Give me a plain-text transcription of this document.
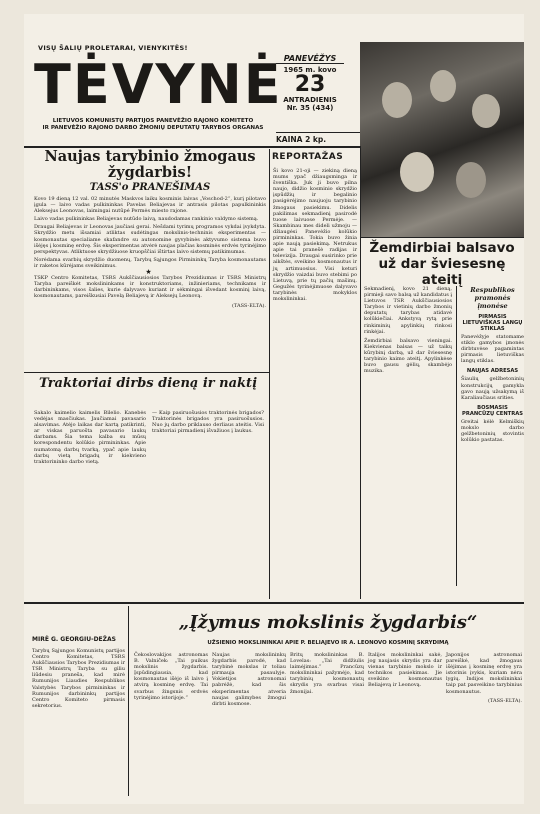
VISŲ ŠALIŲ PROLETARAI, VIENYKITĖS!
TĖVYNĖ
LIETUVOS KOMUNISTŲ PARTIJOS PANEVĖŽIO RAJONO KOMITETO
IR PANEVĖŽIO RAJONO DARBO ŽMONIŲ DEPUTATŲ TARYBOS ORGANAS
PANEVĖŽYS
1965 m. kovo
23
ANTRADIENIS
Nr. 35 (434)
KAINA 2 kp.
Naujas tarybinio žmogaus žygdarbis!
TASS'o PRANEŠIMAS

Kovo 19 dieną 12 val. 02 minutės Maskvos laiku kosminis laivas „Voschod-2“, kurį pilotavo įgula — laivo vadas pulkininkas Pavelas Beliajevas ir antrasis pilotas papulkininkis Aleksejus Leonovas, laimingai nutūpė Permės miesto rajone.

Laivo vadas pulkininkas Beliajevas nutūdo laivą, naudodamas rankinio valdymo sistemą.

Draugai Beliajevas ir Leonovas jaučiasi gerai. Nešdami tyrimų programos vykdai įvykdyta. Skrydžio metu išsamiai atliktas sudėtingas mokslinis-techninis eksperimentas — kosmonautas specialiame skafandre su autonomine gyvybinės aktyvumo sistema buvo išėjęs į kosminę erdvę. Šis eksperimentas atvėrė naujas plačias kosminės erdvės tyrinėjimo perspektyvas. Atliktuose skrydžiuose kruopščiai ištirtas laivo sistemų patikimumas.

Norėdama svarbių skrydžio duomenų, Tarybų Sąjungos Pirmininkų Taryba kosmonautams ir raketos kūrėjams sveikinimus.

★

TSKP Centro Komitetas, TSRS Aukščiausiosios Tarybos Prezidiumas ir TSRS Ministrų Taryba pareiškėt mokslininkams ir konstruktoriams, inžinieriams, technikams ir darbininkams, visos šalies, kurie dalyvavo kuriant ir sėkmingai išvedant kosminį laivą, kosmonautams, pareiškusiai Pavelą Beliajevą ir Aleksejų Leonovą.

(TASS-ELTA).
Traktoriai dirbs dieną ir naktį

Sakalo kaimelio kaimelis Bilelio. Kanebės vedėjas masčiukas. Jaučiamai pavasario alsavimas. Atėjo laikas dar kartą patikrinti, ar viskas paruošta pavasario laukų darbams. Šia tema kalba su mūsų korespondentu kolūkio pirmininkas. Apie numatomą darbų tvarką, ypač apie laukų darbų vietą brigadų ir kiekvieno traktorininko darbo vietą.

— Kaip pasiruošusios traktorinės brigados? Traktorinės brigados yra pasiruošusios. Nuo jų darbo priklauso derliaus ateitis. Visi traktoriai pirmadienį išvažiuos į laukus.

REPORTAŽAS

Ši kovo 21-oji — ziekiną dieną mums ypač džiaugsminga ir šventiška. Juk ji buvo pilna naujo, didžio kosminio skrydžio įspūdžių ir begalinio pasigėrėjimo naujuoju tarybinio žmogaus pasiekimu. Didelis pakilimas sekmadienį pasirodė tuose laivuose Permėje. — Skambinau mes dideli užmoju — džiaugėsi Panevėžio kolūkio pirmininkas. Tokia buvo žinia apie naują pasiekimą. Netrukus apie tai pranešė radijas ir televizija. Draugai susirinko prie aikštės, sveikino kosmonautus ir jų artimuosius. Visi keturi skrydžio vaizdai buvo stebimi po Lietuvą, prie tų pačių mašinų. Gegužės tyrinėjimuose dalyvavo tarybinės mokyklos mokslininkai.

Žemdirbiai balsavo už dar šviesesnę ateitį

Sekmadienį, kovo 21 dieną, pirmieji savo balsą už kandidatus į Lietuvos TSR Aukščiausiosios Tarybos ir vietinių darbo žmonių deputatų tarybas atidavė kolūkiečiai. Ankstyvą rytą prie rinkiminių apylinkių rinkosi rinkėjai.

Žemdirbiai balsavo vieningai. Kiekvienas balsas — už taikų kūrybinį darbą, už dar šviesesnę tarybinio kaimo ateitį. Apylinkėse buvo gausu gėlių, skambėjo muzika.

Respublikos pramonės įmonėse
PIRMASIS LIETUVIŠKAS LANGŲ STIKLAS
Panevėžyje statomame stiklo gamybos įmonės dirbtuvėse pagamintas pirmasis lietuviškas langų stiklas.
NAUJAS ADRESAS
Šiaulių gelžbetoninių konstrukcijų gamykla gavo naują užsakymą iš Karaliaučiaus srities.
BOSMASIS PRANCŪZŲ CENTRAS
Greitai kėlė Kelmiškių mokslo darbo gelžbetoninių stovintis kolūkio pastatas.
MIRĖ G. GEORGIU-DEŽAS

Tarybų Sąjungos Komunistų partijos Centro Komitetas, TSRS Aukščiausios Tarybos Prezidiumas ir TSR Ministrų Taryba su giliu liūdesiu praneša, kad mirė Rumunijos Liaudies Respublikos Valstybės Tarybos pirmininkas ir Rumunijos darbininkų partijos Centro Komiteto pirmasis sekretorius.

„Įžymus mokslinis žygdarbis“
UŽSIENIO MOKSLININKAI APIE P. BELIAJEVO IR A. LEONOVO KOSMINĮ SKRYDIMĄ

Čekoslovakijos astronomas B. Valniček: „Tai puikus mokslinis žygdarbis. Įspūdingiausia, kad kosmonautas išėjo iš laivo į atvirą kosminę erdvę. Tai svarbus žingsnis erdvės tyrinėjimo istorijoje.“

Naujas mokslininkų žygdarbis parodė, kad tarybinė mokslas ir toliau pirmauja pasaulyje. Vokietijos astronomai pabrėžė, kad šis eksperimentas atveria naujas galimybes žmogui dirbti kosmose.

Britų mokslininkas B. Lovelas: „Tai didžiulis laimėjimas.“ Prancūzų mokslininkai pažymėjo, kad tarybinių kosmonautų skrydis yra svarbus visai žmonijai.

Italijos mokslininkai sakė, jog naujasis skrydis yra dar vienas tarybinio mokslo ir technikos pasiekimas. Jie sveikino kosmonautus Beliajevą ir Leonovą.

Japonijos astronomai pareiškė, kad žmogaus išėjimas į kosminę erdvę yra istorinis įvykis, kuriam nėra lygių. Indijos mokslininkai taip pat pasveikino tarybinius kosmonautus.

(TASS-ELTA).
